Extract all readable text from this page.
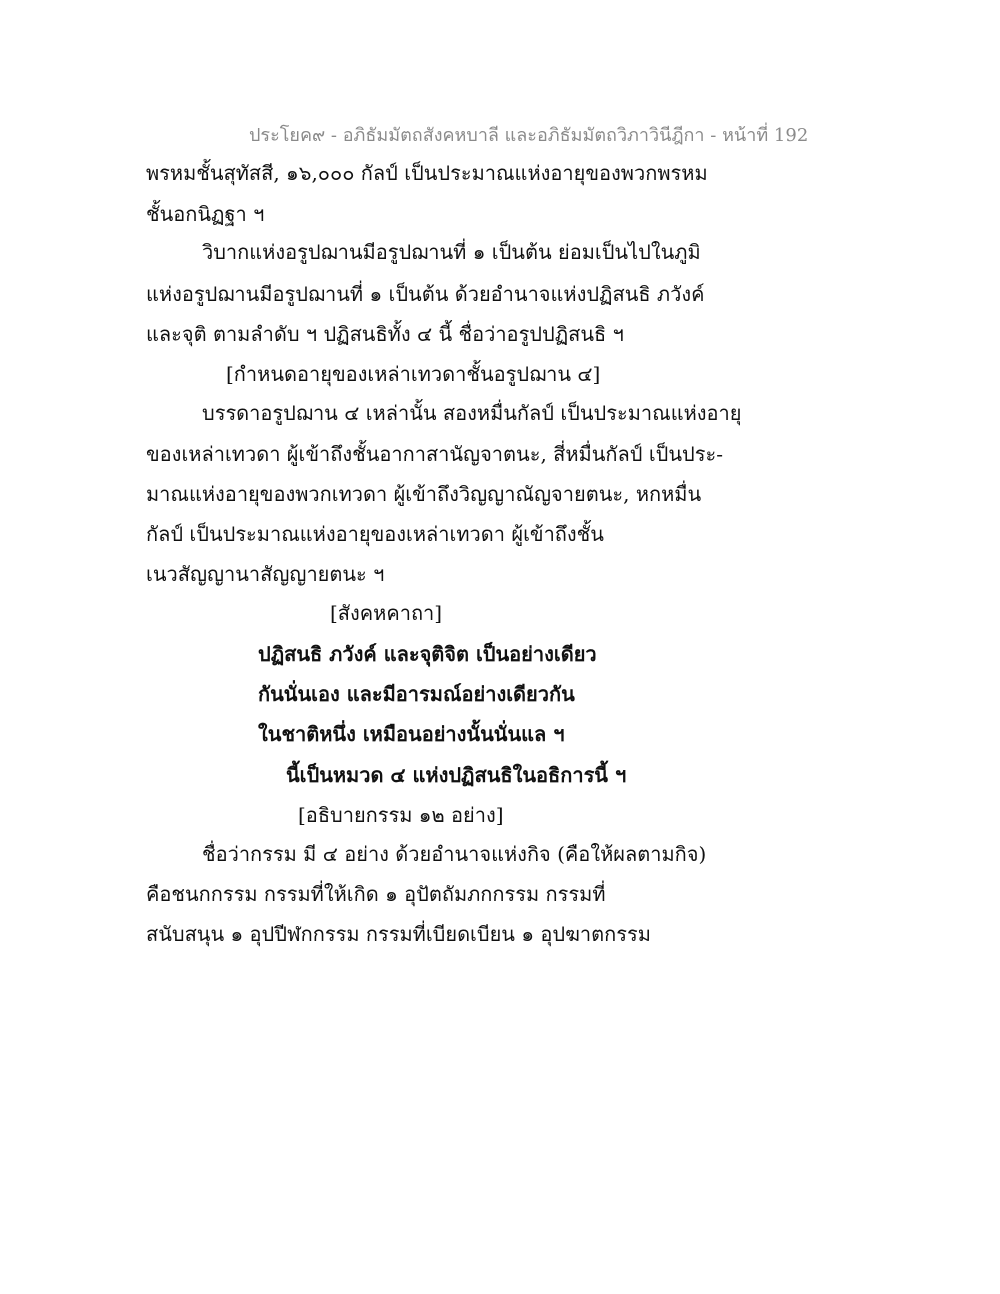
ประโยค๙ - อภิธัมมัตถสังคหบาลี และอภิธัมมัตถวิภาวินีฎีกา - หน้าที่ 192
พรหมชั้นสุทัสสี, ๑๖,๐๐๐ กัลป์ เป็นประมาณแห่งอายุของพวกพรหม
ชั้นอกนิฏฐา ฯ
วิบากแห่งอรูปฌานมีอรูปฌานที่ ๑ เป็นต้น ย่อมเป็นไปในภูมิ
แห่งอรูปฌานมีอรูปฌานที่ ๑ เป็นต้น ด้วยอำนาจแห่งปฏิสนธิ ภวังค์
และจุติ ตามลำดับ ฯ ปฏิสนธิทั้ง ๔ นี้ ชื่อว่าอรูปปฏิสนธิ ฯ
[กำหนดอายุของเหล่าเทวดาชั้นอรูปฌาน ๔]
บรรดาอรูปฌาน ๔ เหล่านั้น สองหมื่นกัลป์ เป็นประมาณแห่งอายุ
ของเหล่าเทวดา ผู้เข้าถึงชั้นอากาสานัญจาตนะ, สี่หมื่นกัลป์ เป็นประ-
มาณแห่งอายุของพวกเทวดา ผู้เข้าถึงวิญญาณัญจายตนะ, หกหมื่น
กัลป์ เป็นประมาณแห่งอายุของเหล่าเทวดา ผู้เข้าถึงชั้น
เนวสัญญานาสัญญายตนะ ฯ
[สังคหคาถา]
ปฏิสนธิ ภวังค์ และจุติจิต เป็นอย่างเดียว
กันนั่นเอง และมีอารมณ์อย่างเดียวกัน
ในชาติหนึ่ง เหมือนอย่างนั้นนั่นแล ฯ
นี้เป็นหมวด ๔ แห่งปฏิสนธิในอธิการนี้ ฯ
[อธิบายกรรม ๑๒ อย่าง]
ชื่อว่ากรรม มี ๔ อย่าง ด้วยอำนาจแห่งกิจ (คือให้ผลตามกิจ)
คือชนกกรรม กรรมที่ให้เกิด ๑ อุปัตถัมภกกรรม กรรมที่
สนับสนุน ๑ อุปปีฬกกรรม กรรมที่เบียดเบียน ๑ อุปฆาตกรรม
